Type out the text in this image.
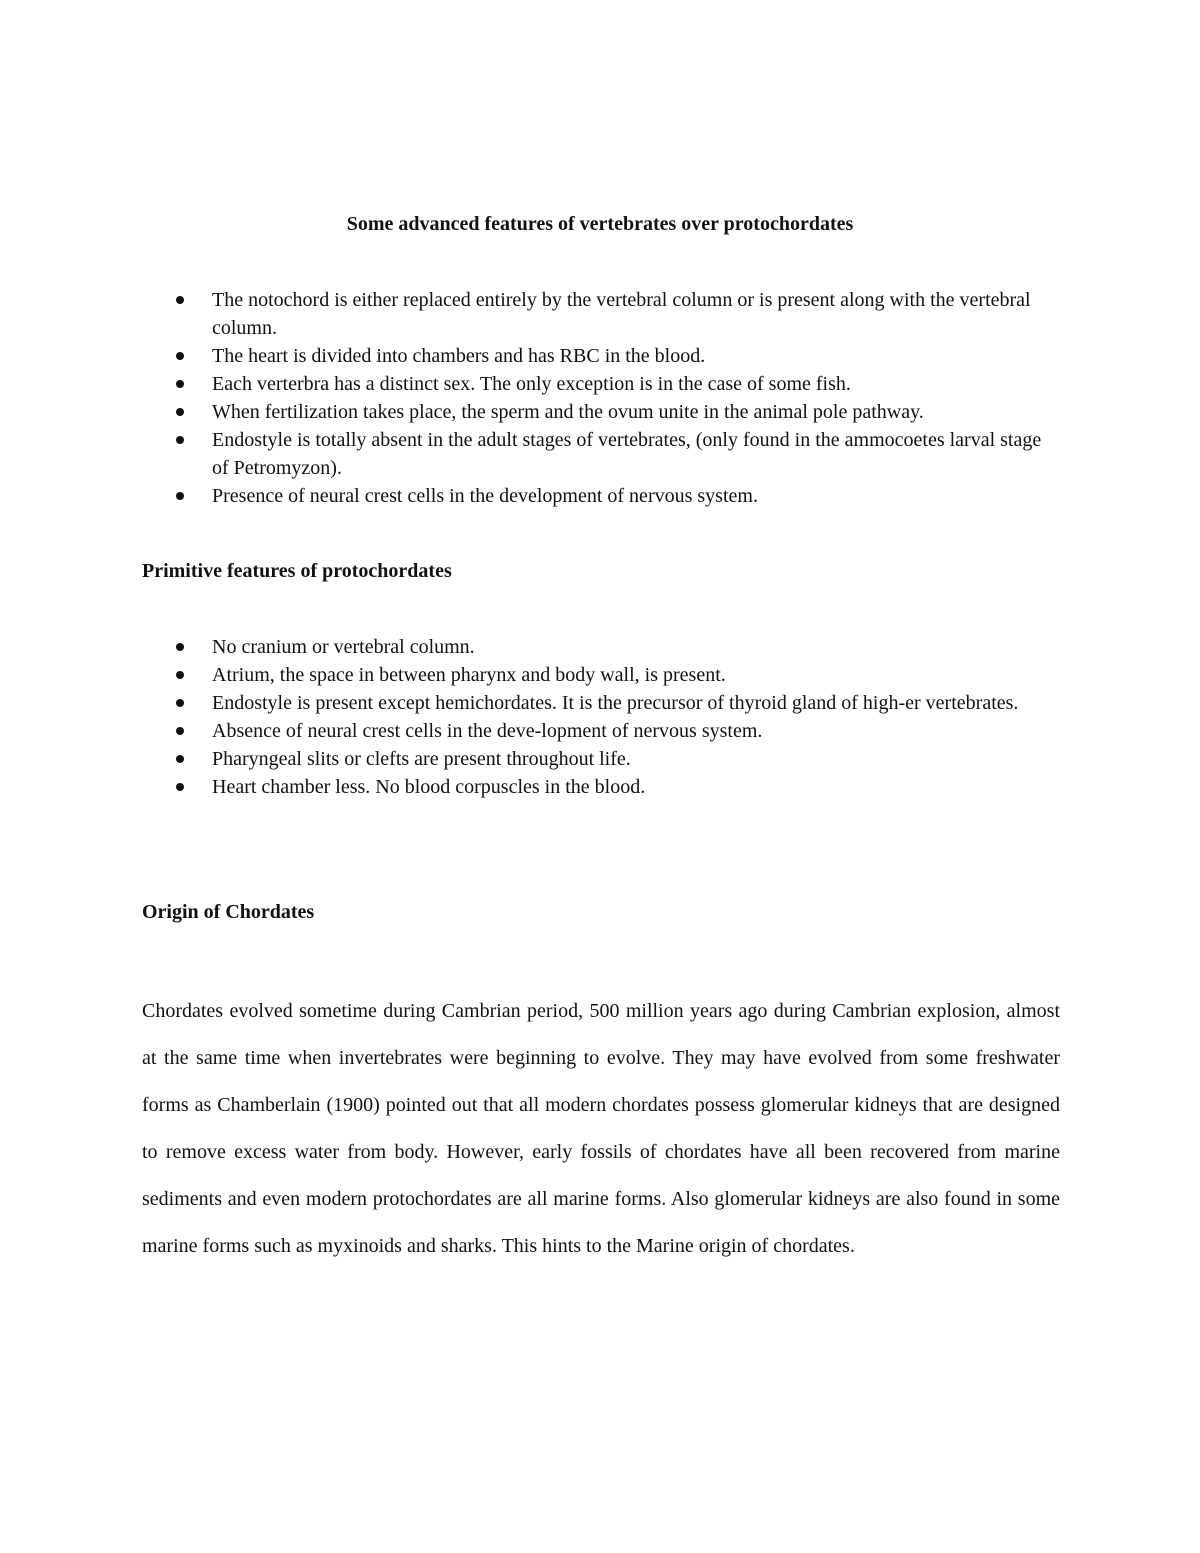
Some advanced features of vertebrates over protochordates
The notochord is either replaced entirely by the vertebral column or is present along with the vertebral column.
The heart is divided into chambers and has RBC in the blood.
Each verterbra has a distinct sex. The only exception is in the case of some fish.
When fertilization takes place, the sperm and the ovum unite in the animal pole pathway.
Endostyle is totally absent in the adult stages of vertebrates, (only found in the ammocoetes larval stage of Petromyzon).
Presence of neural crest cells in the development of nervous system.
Primitive features of protochordates
No cranium or vertebral column.
Atrium, the space in between pharynx and body wall, is present.
Endostyle is present except hemichordates. It is the precursor of thyroid gland of high-er vertebrates.
Absence of neural crest cells in the deve-lopment of nervous system.
Pharyngeal slits or clefts are present throughout life.
Heart chamber less. No blood corpuscles in the blood.
Origin of Chordates

Chordates evolved sometime during Cambrian period, 500 million years ago during Cambrian explosion, almost at the same time when invertebrates were beginning to evolve. They may have evolved from some freshwater forms as Chamberlain (1900) pointed out that all modern chordates possess glomerular kidneys that are designed to remove excess water from body. However, early fossils of chordates have all been recovered from marine sediments and even modern protochordates are all marine forms. Also glomerular kidneys are also found in some marine forms such as myxinoids and sharks. This hints to the Marine origin of chordates.
